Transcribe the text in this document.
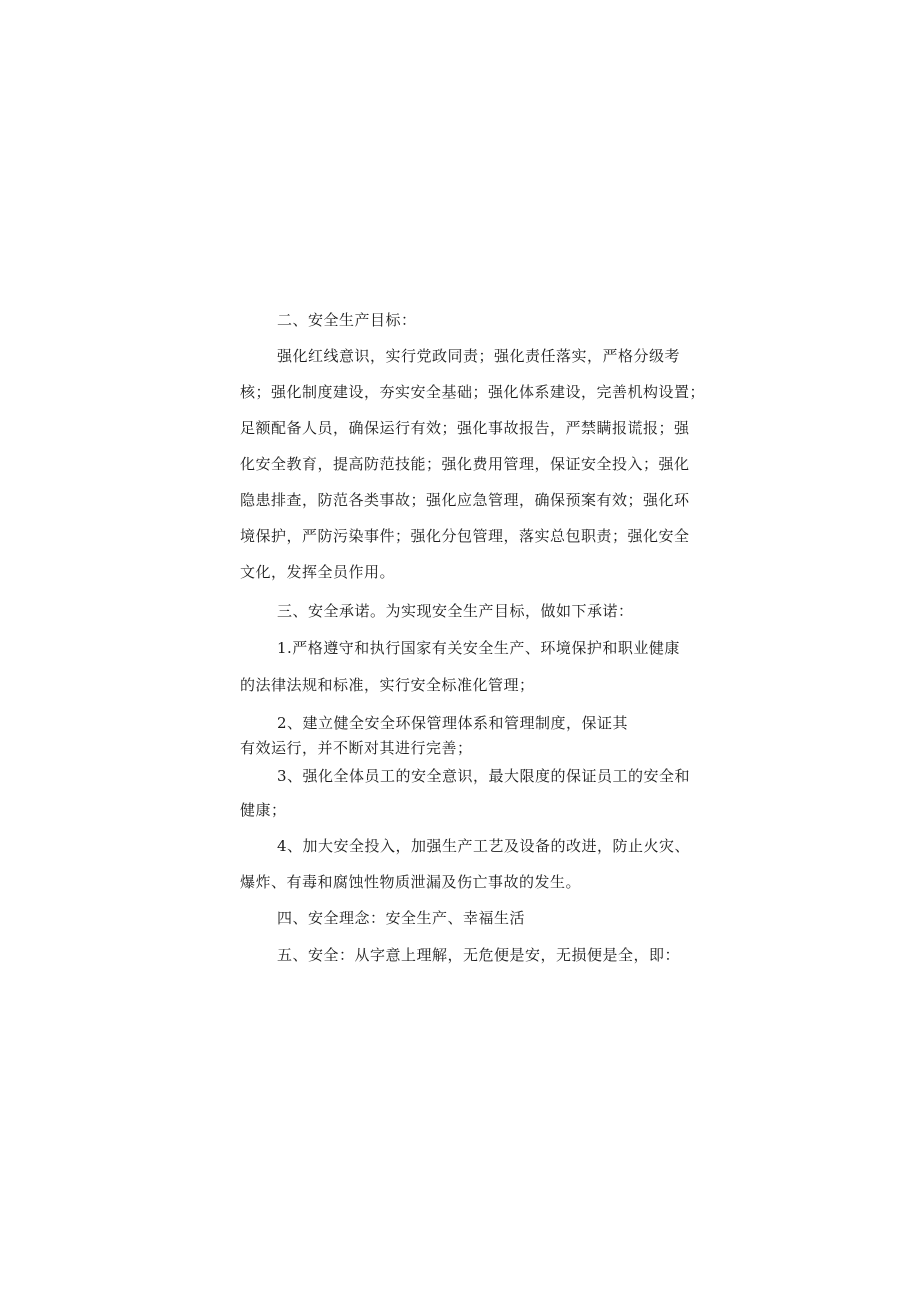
二、安全生产目标：
强化红线意识，实行党政同责；强化责任落实，严格分级考
核；强化制度建设，夯实安全基础；强化体系建设，完善机构设置；
足额配备人员，确保运行有效；强化事故报告，严禁瞒报谎报；强
化安全教育，提高防范技能；强化费用管理，保证安全投入；强化
隐患排查，防范各类事故；强化应急管理，确保预案有效；强化环
境保护，严防污染事件；强化分包管理，落实总包职责；强化安全
文化，发挥全员作用。
三、安全承诺。为实现安全生产目标，做如下承诺：
1.严格遵守和执行国家有关安全生产、环境保护和职业健康
的法律法规和标准，实行安全标准化管理；
2、建立健全安全环保管理体系和管理制度，保证其
有效运行，并不断对其进行完善；
3、强化全体员工的安全意识，最大限度的保证员工的安全和
健康；
4、加大安全投入，加强生产工艺及设备的改进，防止火灾、
爆炸、有毒和腐蚀性物质泄漏及伤亡事故的发生。
四、安全理念：安全生产、幸福生活
五、安全：从字意上理解，无危便是安，无损便是全，即：
